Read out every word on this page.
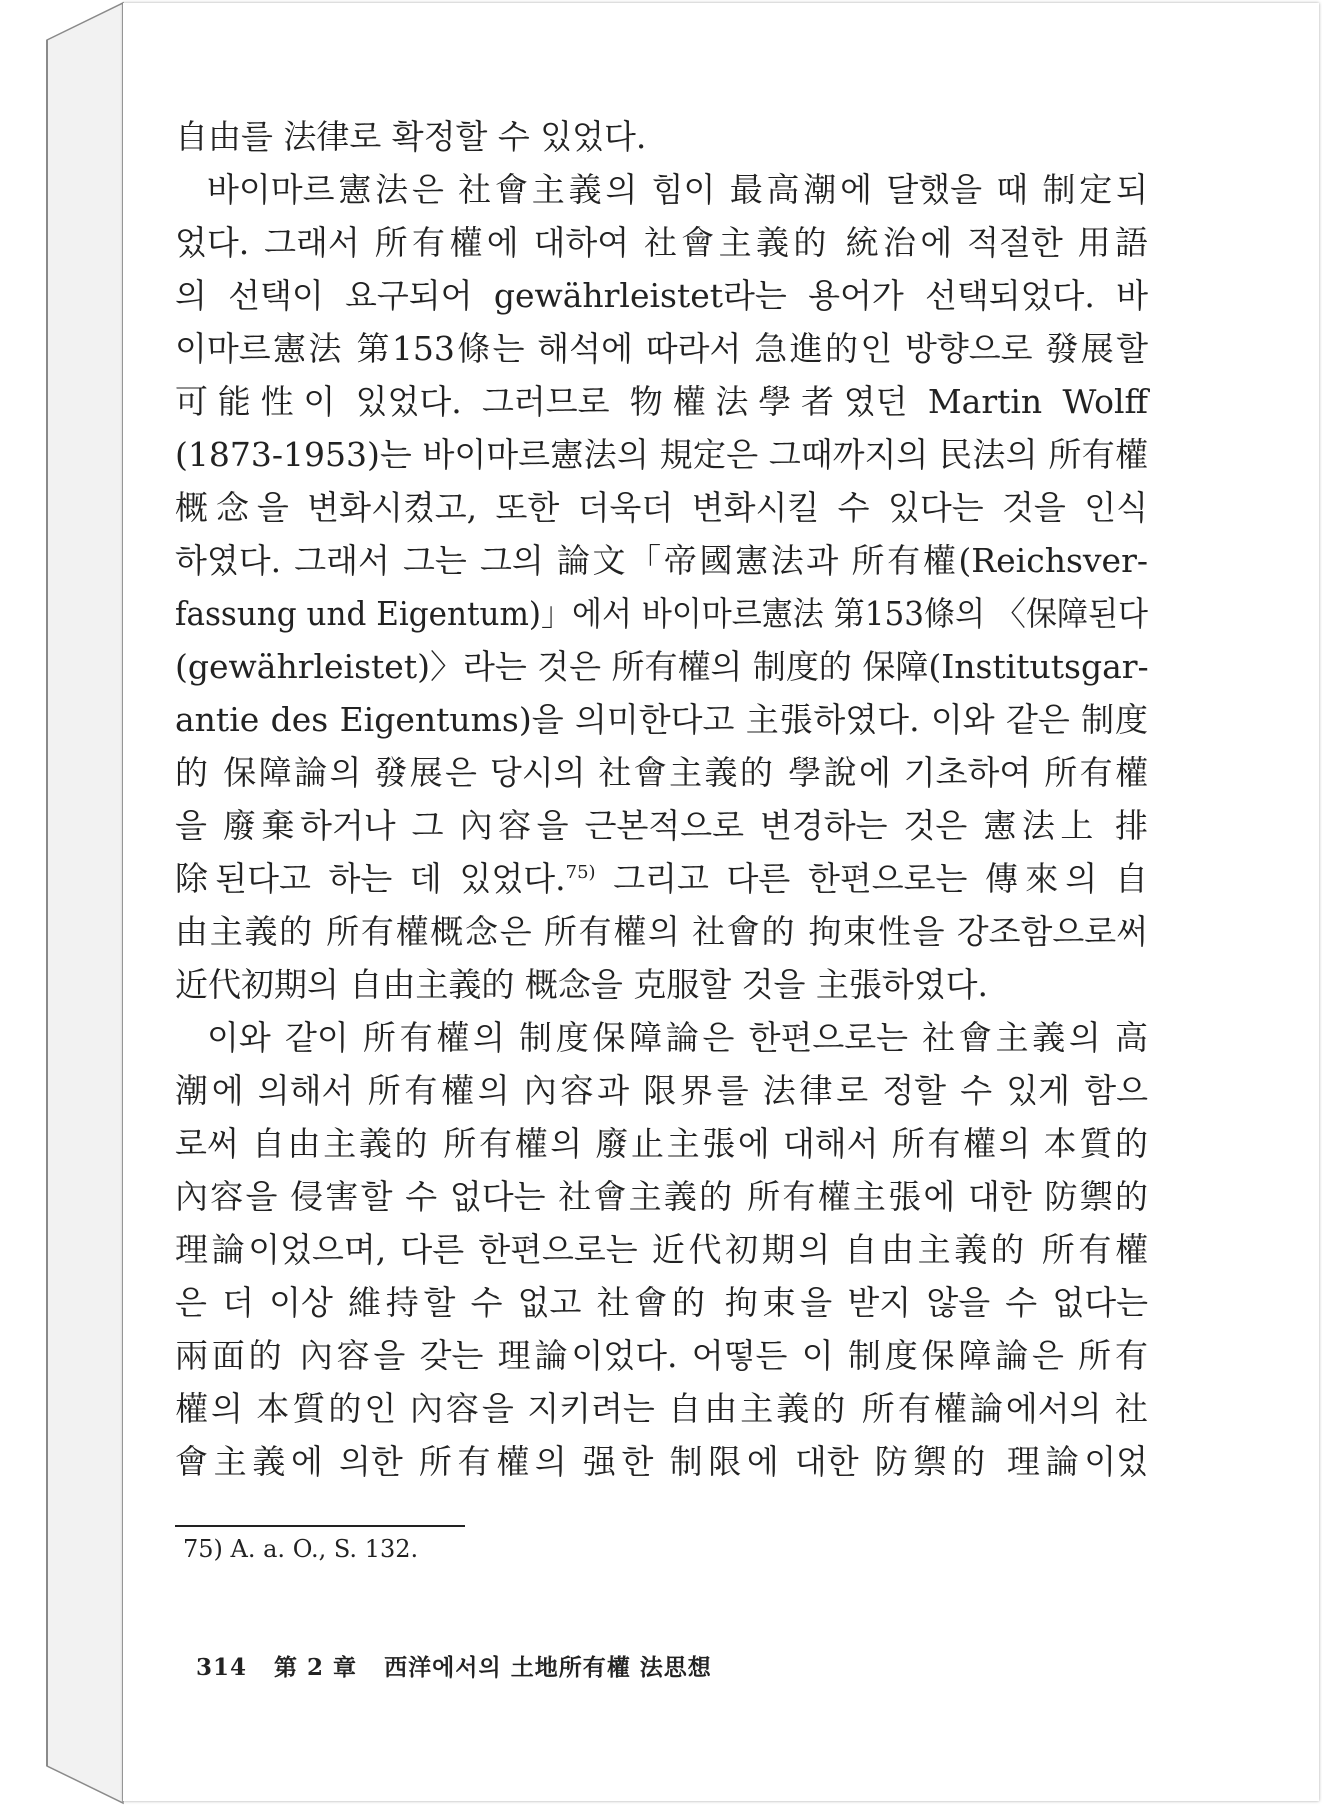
自由를 法律로 확정할 수 있었다.
바이마르憲法은 社會主義의 힘이 最高潮에 달했을 때 制定되
었다. 그래서 所有權에 대하여 社會主義的 統治에 적절한 用語
의 선택이 요구되어 gewährleistet라는 용어가 선택되었다. 바
이마르憲法 第153條는 해석에 따라서 急進的인 방향으로 發展할
可能性이 있었다. 그러므로 物權法學者였던 Martin Wolff
(1873-1953)는 바이마르憲法의 規定은 그때까지의 民法의 所有權
概念을 변화시켰고, 또한 더욱더 변화시킬 수 있다는 것을 인식
하였다. 그래서 그는 그의 論文「帝國憲法과 所有權(Reichsver-
fassung und Eigentum)」에서 바이마르憲法 第153條의 〈保障된다
(gewährleistet)〉라는 것은 所有權의 制度的 保障(Institutsgar-
antie des Eigentums)을 의미한다고 主張하였다. 이와 같은 制度
的 保障論의 發展은 당시의 社會主義的 學說에 기초하여 所有權
을 廢棄하거나 그 內容을 근본적으로 변경하는 것은 憲法上 排
除된다고 하는 데 있었다.$^{75)}$ 그리고 다른 한편으로는 傳來의 自
由主義的 所有權概念은 所有權의 社會的 拘束性을 강조함으로써
近代初期의 自由主義的 概念을 克服할 것을 主張하였다.
이와 같이 所有權의 制度保障論은 한편으로는 社會主義의 高
潮에 의해서 所有權의 內容과 限界를 法律로 정할 수 있게 함으
로써 自由主義的 所有權의 廢止主張에 대해서 所有權의 本質的
內容을 侵害할 수 없다는 社會主義的 所有權主張에 대한 防禦的
理論이었으며, 다른 한편으로는 近代初期의 自由主義的 所有權
은 더 이상 維持할 수 없고 社會的 拘束을 받지 않을 수 없다는
兩面的 內容을 갖는 理論이었다. 어떻든 이 制度保障論은 所有
權의 本質的인 內容을 지키려는 自由主義的 所有權論에서의 社
會主義에 의한 所有權의 强한 制限에 대한 防禦的 理論이었
75) A. a. O., S. 132.
314 第 2 章 西洋에서의 土地所有權 法思想
